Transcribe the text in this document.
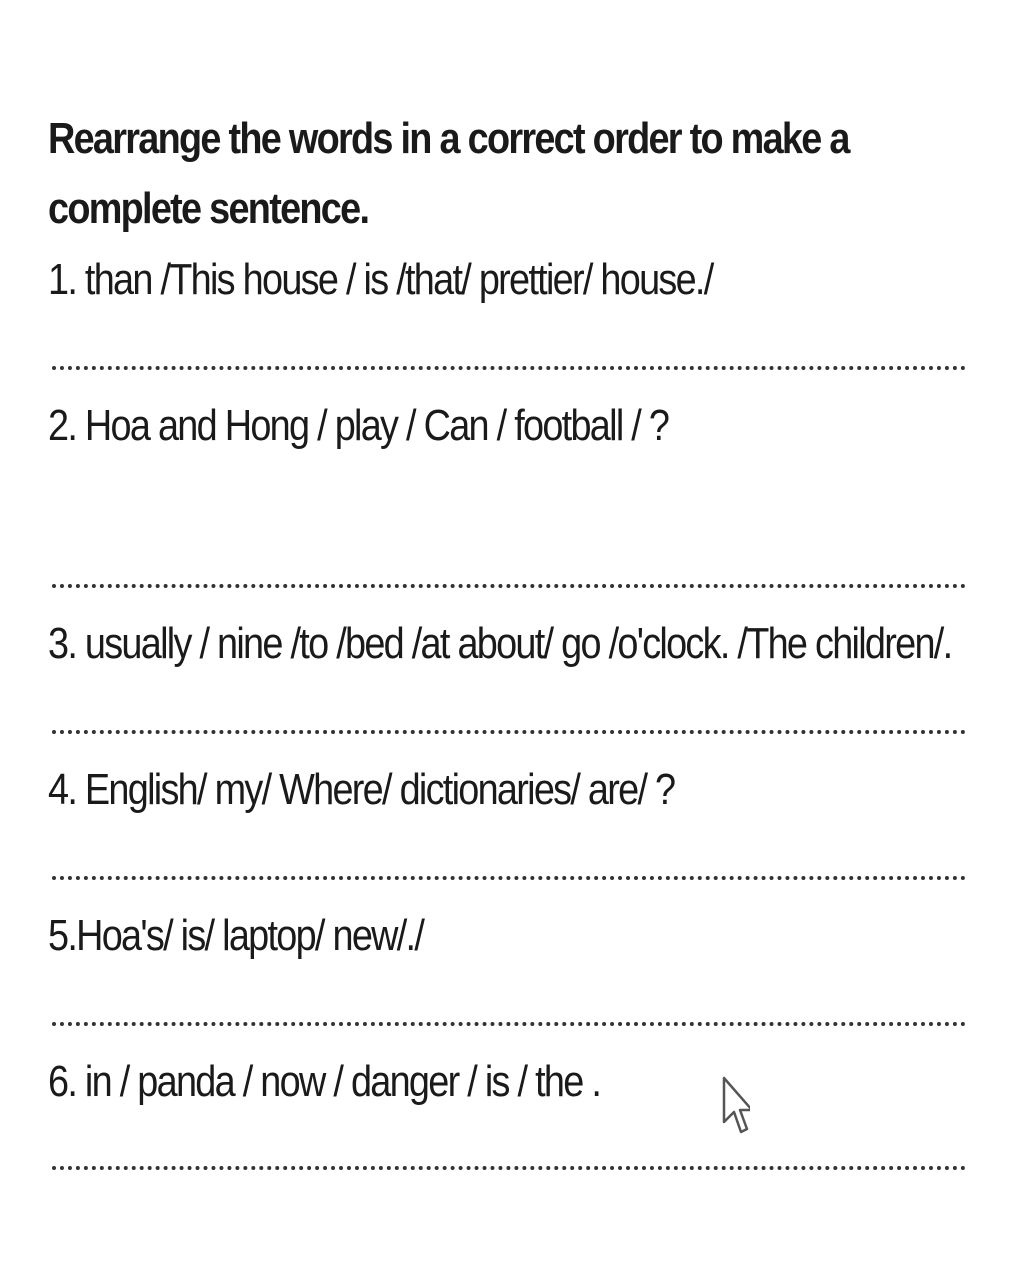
Rearrange the words in a correct order to make a complete sentence.
1. than /This house / is /that/ prettier/ house./
2. Hoa and Hong / play / Can / football / ?
3. usually / nine /to /bed /at about/ go /o'clock. /The children/.
4. English/ my/ Where/ dictionaries/ are/ ?
5.Hoa's/ is/ laptop/ new/./
6. in / panda / now / danger / is / the .
